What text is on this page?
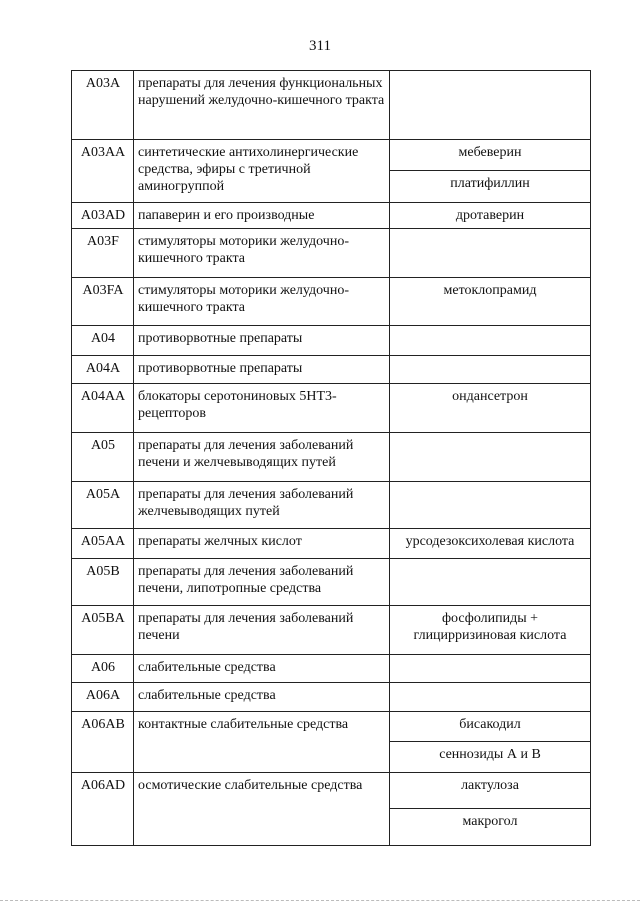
311
A03A	препараты для лечения функциональных нарушений желудочно-кишечного тракта	

A03AA	синтетические антихолинергические средства, эфиры с третичной аминогруппой	мебеверин
платифиллин

A03AD	папаверин и его производные	дротаверин

A03F	стимуляторы моторики желудочно-кишечного тракта	

A03FA	стимуляторы моторики желудочно-кишечного тракта	метоклопрамид

A04	противорвотные препараты	

A04A	противорвотные препараты	

A04AA	блокаторы серотониновых 5HT3-рецепторов	ондансетрон

A05	препараты для лечения заболеваний печени и желчевыводящих путей	

A05A	препараты для лечения заболеваний желчевыводящих путей	

A05AA	препараты желчных кислот	урсодезоксихолевая кислота

A05B	препараты для лечения заболеваний печени, липотропные средства	

A05BA	препараты для лечения заболеваний печени	фосфолипиды + глицирризиновая кислота

A06	слабительные средства	

A06A	слабительные средства	

A06AB	контактные слабительные средства	бисакодил
сеннозиды А и В

A06AD	осмотические слабительные средства	лактулоза
макрогол
